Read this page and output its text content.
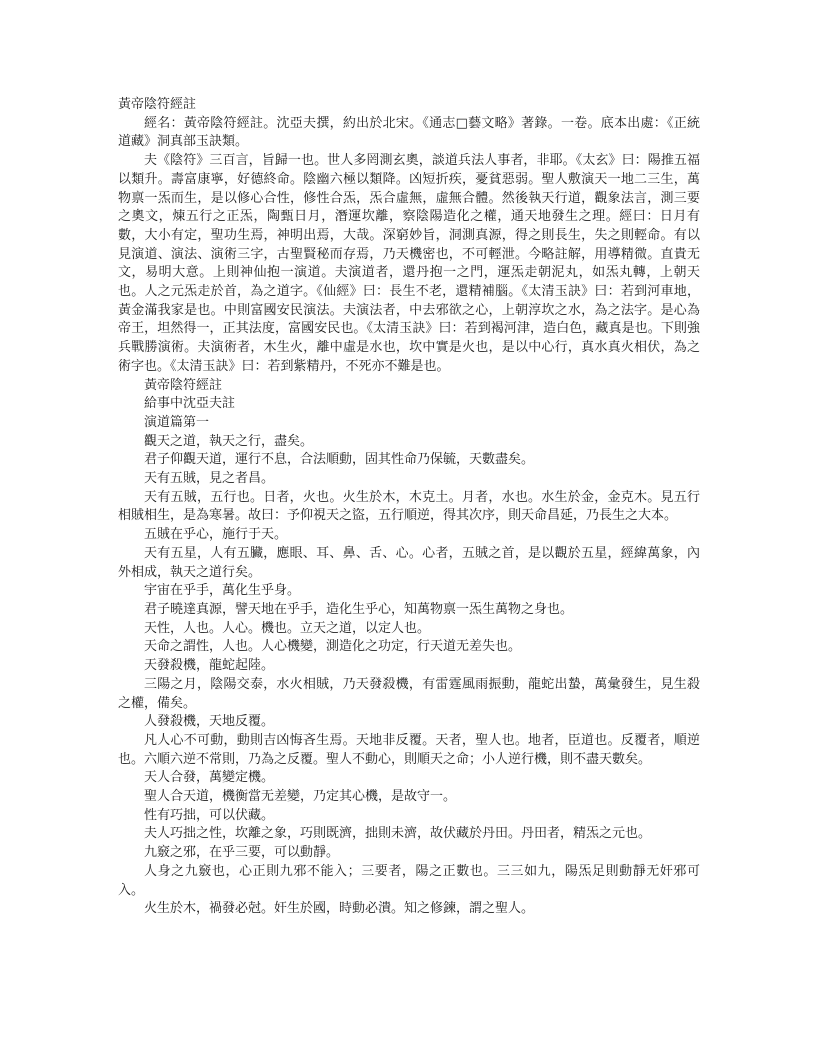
黃帝陰符經註

經名：黃帝陰符經註。沈亞夫撰，約出於北宋。《通志□藝文略》著錄。一卷。底本出處：《正統道藏》洞真部玉訣類。

夫《陰符》三百言，旨歸一也。世人多罔測玄奧，談道兵法人事者，非耶。《太玄》曰：陽推五福以類升。壽富康寧，好德終命。陰幽六極以類降。凶短折疾，憂貧惡弱。聖人敷演天一地二三生，萬物禀一炁而生，是以修心合性，修性合炁，炁合虛無，虛無合體。然後執天行道，觀象法言，測三要之奧文，煉五行之正炁，陶甄日月，潛運坎離，察陰陽造化之權，通天地發生之理。經曰：日月有數，大小有定，聖功生焉，神明出焉，大哉。深窮妙旨，洞測真源，得之則長生，失之則輕命。有以見演道、演法、演術三字，古聖賢秘而存焉，乃天機密也，不可輕泄。今略註解，用導精微。直貴无文，易明大意。上則神仙抱一演道。夫演道者，還丹抱一之門，運炁走朝泥丸，如炁丸轉，上朝天也。人之元炁走於首，為之道字。《仙經》曰：長生不老，還精補腦。《太清玉訣》曰：若到河車地，黃金滿我家是也。中則富國安民演法。夫演法者，中去邪欲之心，上朝淳坎之水，為之法字。是心為帝王，坦然得一，正其法度，富國安民也。《太清玉訣》曰：若到褐河津，造白色，藏真是也。下則強兵戰勝演術。夫演術者，木生火，離中虛是水也，坎中實是火也，是以中心行，真水真火相伏，為之術字也。《太清玉訣》曰：若到紫精丹，不死亦不難是也。

黃帝陰符經註

給事中沈亞夫註

演道篇第一

觀天之道，執天之行，盡矣。

君子仰觀天道，運行不息，合法順動，固其性命乃保毓，天數盡矣。

天有五賊，見之者昌。

天有五賊，五行也。日者，火也。火生於木，木克土。月者，水也。水生於金，金克木。見五行相賊相生，是為寒暑。故曰：予仰視天之盜，五行順逆，得其次序，則天命昌延，乃長生之大本。

五賊在乎心，施行于天。

天有五星，人有五臟，應眼、耳、鼻、舌、心。心者，五賊之首，是以觀於五星，經緯萬象，內外相成，執天之道行矣。

宇宙在乎手，萬化生乎身。

君子曉達真源，譬天地在乎手，造化生乎心，知萬物禀一炁生萬物之身也。

天性，人也。人心。機也。立天之道，以定人也。

天命之謂性，人也。人心機變，測造化之功定，行天道无差失也。

天發殺機，龍蛇起陸。

三陽之月，陰陽交泰，水火相賊，乃天發殺機，有雷霆風雨振動，龍蛇出蟄，萬彙發生，見生殺之權，備矣。

人發殺機，天地反覆。

凡人心不可動，動則吉凶悔吝生焉。天地非反覆。天者，聖人也。地者，臣道也。反覆者，順逆也。六順六逆不常則，乃為之反覆。聖人不動心，則順天之命；小人逆行機，則不盡天數矣。

天人合發，萬變定機。

聖人合天道，機衡當无差變，乃定其心機，是故守一。

性有巧拙，可以伏藏。

夫人巧拙之性，坎離之象，巧則既濟，拙則未濟，故伏藏於丹田。丹田者，精炁之元也。

九竅之邪，在乎三要，可以動靜。

人身之九竅也，心正則九邪不能入；三要者，陽之正數也。三三如九，陽炁足則動靜无奸邪可入。

火生於木，禍發必尅。奸生於國，時動必潰。知之修鍊，謂之聖人。
